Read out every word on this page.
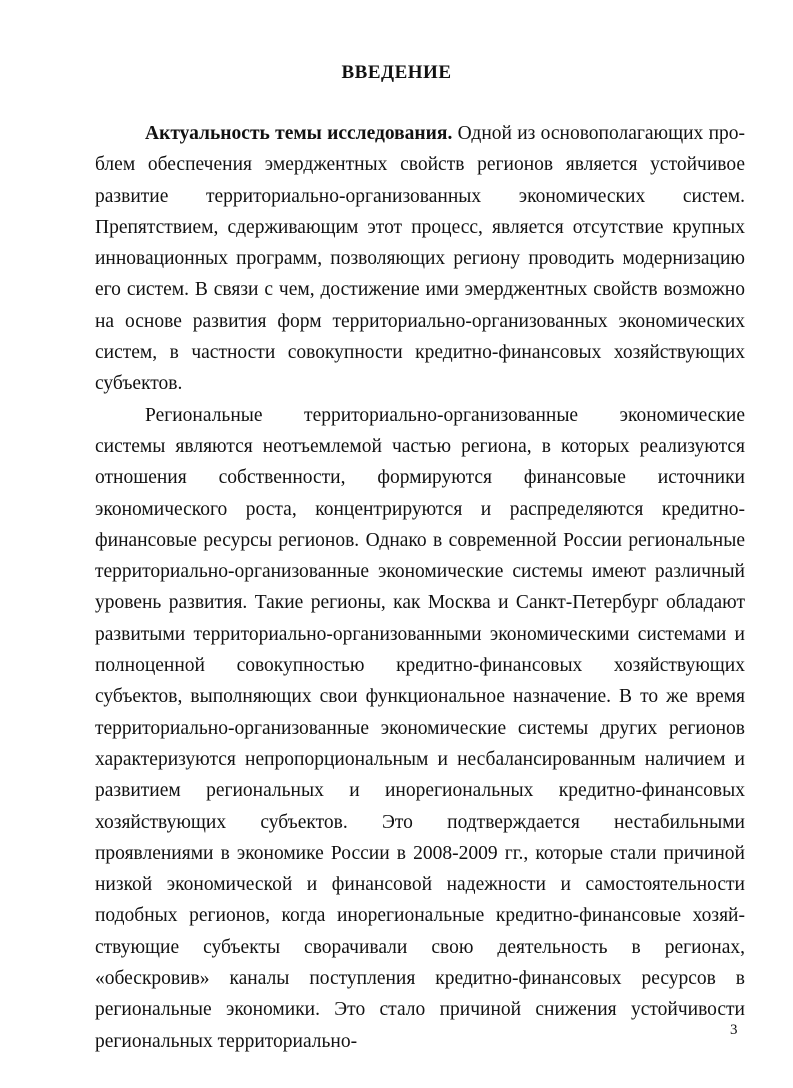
ВВЕДЕНИЕ

Актуальность темы исследования. Одной из основополагающих проблем обеспечения эмерджентных свойств регионов является устойчивое развитие территориально-организованных экономических систем. Препятствием, сдерживающим этот процесс, является отсутствие крупных инновационных программ, позволяющих региону проводить модернизацию его систем. В связи с чем, достижение ими эмерджентных свойств возможно на основе развития форм территориально-организованных экономических систем, в частности совокупности кредитно-финансовых хозяйствующих субъектов.

Региональные территориально-организованные экономические системы являются неотъемлемой частью региона, в которых реализуются отношения собственности, формируются финансовые источники экономического роста, концентрируются и распределяются кредитно-финансовые ресурсы регионов. Однако в современной России региональные территориально-организованные экономические системы имеют различный уровень развития. Такие регионы, как Москва и Санкт-Петербург обладают развитыми территориально-организованными экономическими системами и полноценной совокупностью кредитно-финансовых хозяйствующих субъектов, выполняющих свои функциональное назначение. В то же время территориально-организованные экономические системы других регионов характеризуются непропорциональным и несбалансированным наличием и развитием региональных и инорегиональных кредитно-финансовых хозяйствующих субъектов. Это подтверждается нестабильными проявлениями в экономике России в 2008-2009 гг., которые стали причиной низкой экономической и финансовой надежности и самостоятельности подобных регионов, когда инорегиональные кредитно-финансовые хозяйствующие субъекты сворачивали свою деятельность в регионах, «обескровив» каналы поступления кредитно-финансовых ресурсов в региональные экономики. Это стало причиной снижения устойчивости региональных территориально-

3
